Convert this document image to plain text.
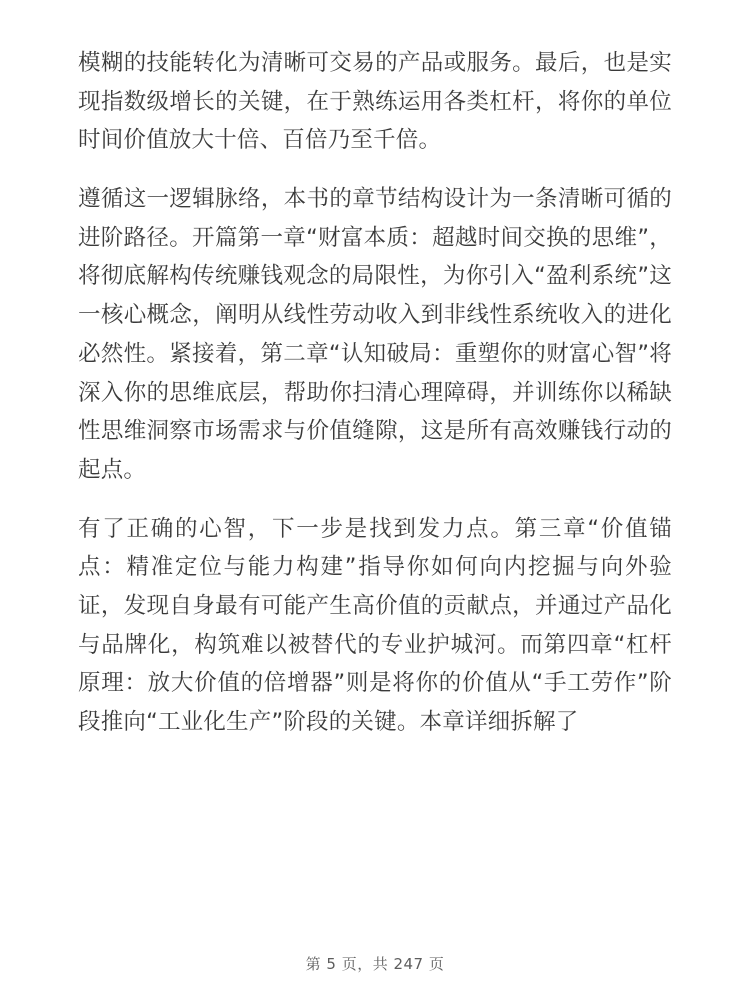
模糊的技能转化为清晰可交易的产品或服务。最后，也是实现指数级增长的关键，在于熟练运用各类杠杆，将你的单位时间价值放大十倍、百倍乃至千倍。

遵循这一逻辑脉络，本书的章节结构设计为一条清晰可循的进阶路径。开篇第一章“财富本质：超越时间交换的思维”，将彻底解构传统赚钱观念的局限性，为你引入“盈利系统”这一核心概念，阐明从线性劳动收入到非线性系统收入的进化必然性。紧接着，第二章“认知破局：重塑你的财富心智”将深入你的思维底层，帮助你扫清心理障碍，并训练你以稀缺性思维洞察市场需求与价值缝隙，这是所有高效赚钱行动的起点。

有了正确的心智，下一步是找到发力点。第三章“价值锚点：精准定位与能力构建”指导你如何向内挖掘与向外验证，发现自身最有可能产生高价值的贡献点，并通过产品化与品牌化，构筑难以被替代的专业护城河。而第四章“杠杆原理：放大价值的倍增器”则是将你的价值从“手工劳作”阶段推向“工业化生产”阶段的关键。本章详细拆解了

第 5 页，共 247 页
